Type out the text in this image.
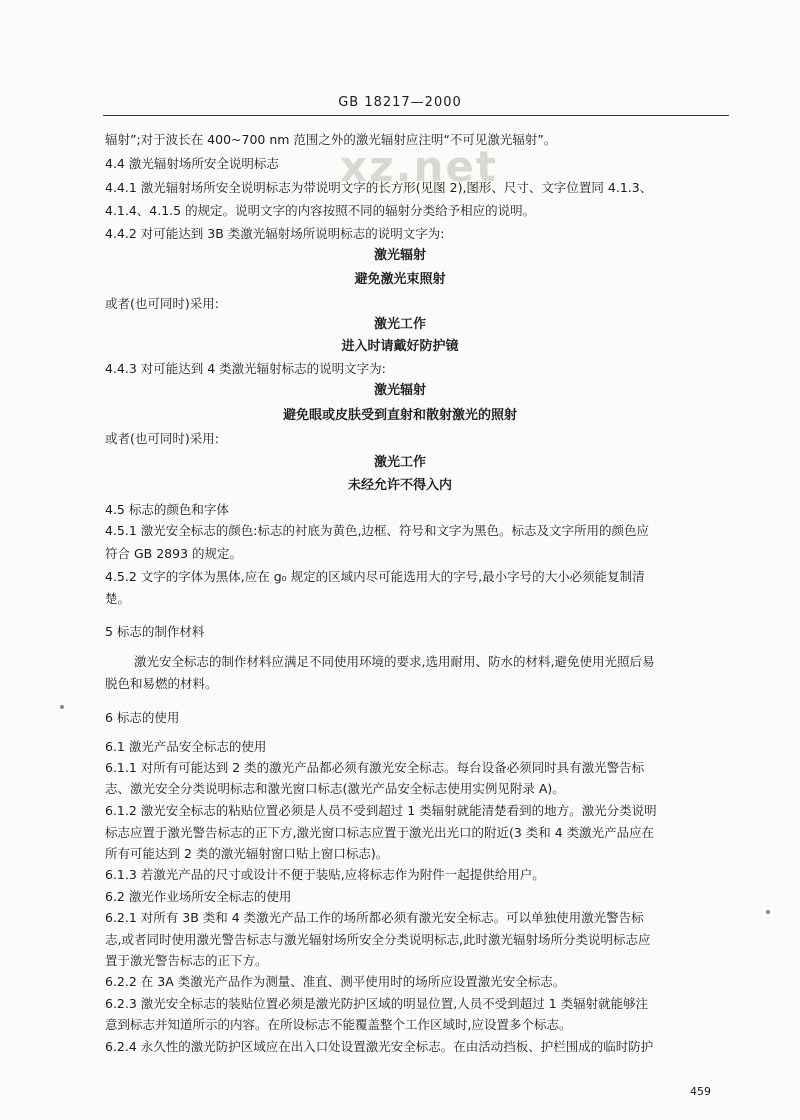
GB 18217—2000
xz.net
辐射”;对于波长在 400~700 nm 范围之外的激光辐射应注明“不可见激光辐射”。
4.4 激光辐射场所安全说明标志
4.4.1 激光辐射场所安全说明标志为带说明文字的长方形(见图 2),图形、尺寸、文字位置同 4.1.3、
4.1.4、4.1.5 的规定。说明文字的内容按照不同的辐射分类给予相应的说明。
4.4.2 对可能达到 3B 类激光辐射场所说明标志的说明文字为:
激光辐射
避免激光束照射
或者(也可同时)采用:
激光工作
进入时请戴好防护镜
4.4.3 对可能达到 4 类激光辐射标志的说明文字为:
激光辐射
避免眼或皮肤受到直射和散射激光的照射
或者(也可同时)采用:
激光工作
未经允许不得入内
4.5 标志的颜色和字体
4.5.1 激光安全标志的颜色:标志的衬底为黄色,边框、符号和文字为黑色。标志及文字所用的颜色应
符合 GB 2893 的规定。
4.5.2 文字的字体为黑体,应在 g₀ 规定的区域内尽可能选用大的字号,最小字号的大小必须能复制清
楚。
5 标志的制作材料
激光安全标志的制作材料应满足不同使用环境的要求,选用耐用、防水的材料,避免使用光照后易
脱色和易燃的材料。
6 标志的使用
6.1 激光产品安全标志的使用
6.1.1 对所有可能达到 2 类的激光产品都必须有激光安全标志。每台设备必须同时具有激光警告标
志、激光安全分类说明标志和激光窗口标志(激光产品安全标志使用实例见附录 A)。
6.1.2 激光安全标志的粘贴位置必须是人员不受到超过 1 类辐射就能清楚看到的地方。激光分类说明
标志应置于激光警告标志的正下方,激光窗口标志应置于激光出光口的附近(3 类和 4 类激光产品应在
所有可能达到 2 类的激光辐射窗口贴上窗口标志)。
6.1.3 若激光产品的尺寸或设计不便于装贴,应将标志作为附件一起提供给用户。
6.2 激光作业场所安全标志的使用
6.2.1 对所有 3B 类和 4 类激光产品工作的场所都必须有激光安全标志。可以单独使用激光警告标
志,或者同时使用激光警告标志与激光辐射场所安全分类说明标志,此时激光辐射场所分类说明标志应
置于激光警告标志的正下方。
6.2.2 在 3A 类激光产品作为测量、准直、测平使用时的场所应设置激光安全标志。
6.2.3 激光安全标志的装贴位置必须是激光防护区域的明显位置,人员不受到超过 1 类辐射就能够注
意到标志并知道所示的内容。在所设标志不能覆盖整个工作区域时,应设置多个标志。
6.2.4 永久性的激光防护区域应在出入口处设置激光安全标志。在由活动挡板、护栏围成的临时防护
459
